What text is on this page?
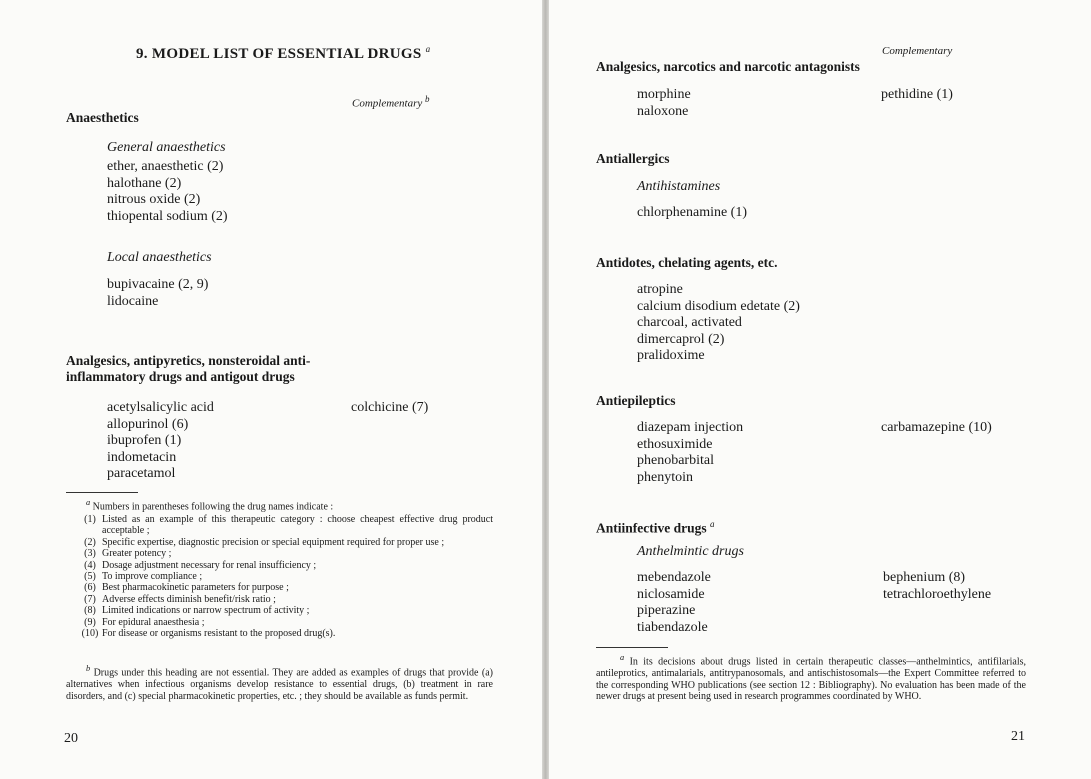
9. MODEL LIST OF ESSENTIAL DRUGS $^a$
Complementary $^b$
Anaesthetics
General anaesthetics
ether, anaesthetic (2)
halothane (2)
nitrous oxide (2)
thiopental sodium (2)
Local anaesthetics
bupivacaine (2, 9)
lidocaine
Analgesics, antipyretics, nonsteroidal anti-
inflammatory drugs and antigout drugs
acetylsalicylic acid
allopurinol (6)
ibuprofen (1)
indometacin
paracetamol
colchicine (7)
$^a$ Numbers in parentheses following the drug names indicate :
(1) Listed as an example of this therapeutic category : choose cheapest effective drug product acceptable ;
(2) Specific expertise, diagnostic precision or special equipment required for proper use ;
(3) Greater potency ;
(4) Dosage adjustment necessary for renal insufficiency ;
(5) To improve compliance ;
(6) Best pharmacokinetic parameters for purpose ;
(7) Adverse effects diminish benefit/risk ratio ;
(8) Limited indications or narrow spectrum of activity ;
(9) For epidural anaesthesia ;
(10) For disease or organisms resistant to the proposed drug(s).
$^b$ Drugs under this heading are not essential. They are added as examples of drugs that provide (a) alternatives when infectious organisms develop resistance to essential drugs, (b) treatment in rare disorders, and (c) special pharmacokinetic properties, etc. ; they should be available as funds permit.
20
Complementary
Analgesics, narcotics and narcotic antagonists
morphine
naloxone
pethidine (1)
Antiallergics
Antihistamines
chlorphenamine (1)
Antidotes, chelating agents, etc.
atropine
calcium disodium edetate (2)
charcoal, activated
dimercaprol (2)
pralidoxime
Antiepileptics
diazepam injection
ethosuximide
phenobarbital
phenytoin
carbamazepine (10)
Antiinfective drugs $^a$
Anthelmintic drugs
mebendazole
niclosamide
piperazine
tiabendazole
bephenium (8)
tetrachloroethylene
$^a$ In its decisions about drugs listed in certain therapeutic classes—anthelmintics, antifilarials, antileprotics, antimalarials, antitrypanosomals, and antischistosomals—the Expert Committee referred to the corresponding WHO publications (see section 12 : Bibliography). No evaluation has been made of the newer drugs at present being used in research programmes coordinated by WHO.
21
